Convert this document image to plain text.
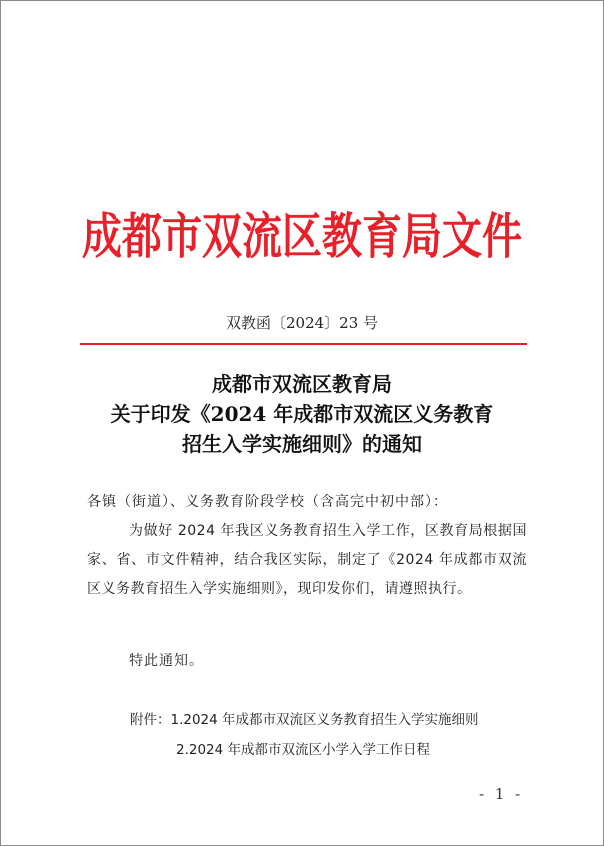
成都市双流区教育局文件
双教函〔2024〕23 号
成都市双流区教育局
关于印发《2024 年成都市双流区义务教育
招生入学实施细则》的通知
各镇（街道）、义务教育阶段学校（含高完中初中部）：
为做好 2024 年我区义务教育招生入学工作，区教育局根据国家、省、市文件精神，结合我区实际，制定了《2024 年成都市双流区义务教育招生入学实施细则》，现印发你们，请遵照执行。
特此通知。
附件：1.2024 年成都市双流区义务教育招生入学实施细则
2.2024 年成都市双流区小学入学工作日程
- 1 -
